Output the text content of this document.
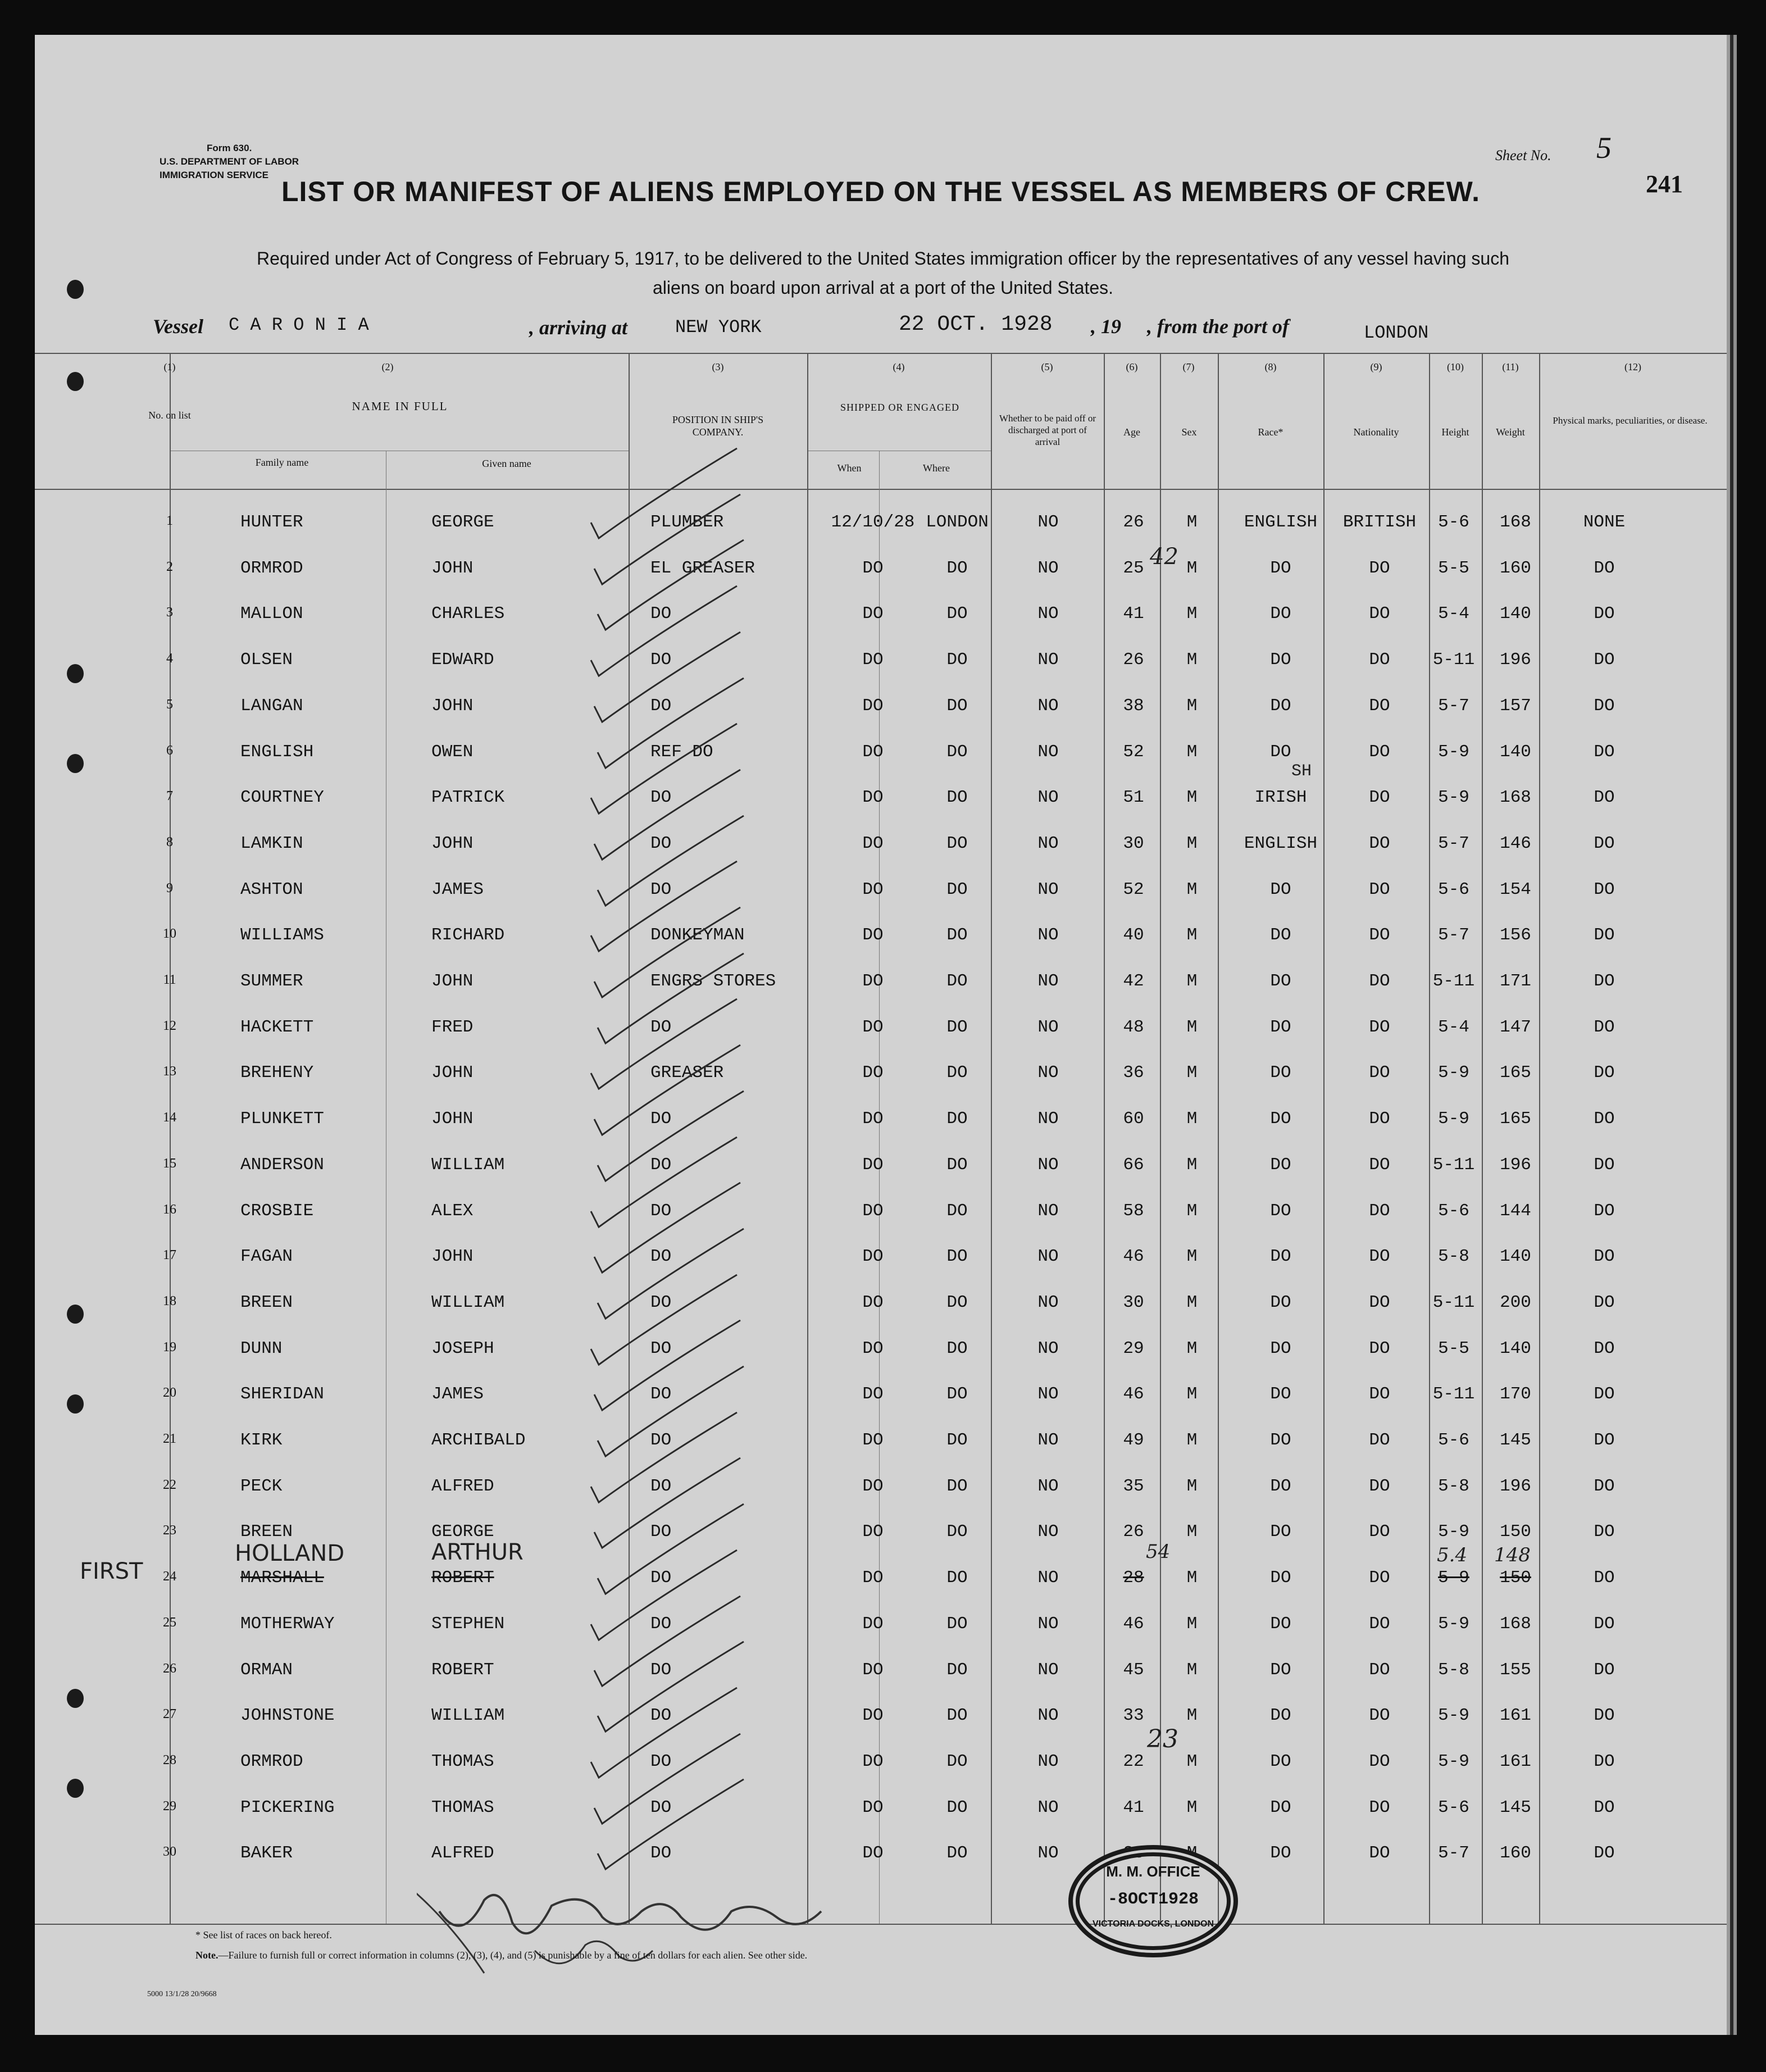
Form 630.
U.S. DEPARTMENT OF LABOR
IMMIGRATION SERVICE
Sheet No. 5
241
LIST OR MANIFEST OF ALIENS EMPLOYED ON THE VESSEL AS MEMBERS OF CREW.
Required under Act of Congress of February 5, 1917, to be delivered to the United States immigration officer by the representatives of any vessel having such
aliens on board upon arrival at a port of the United States.
Vessel C A R O N I A	, arriving at	NEW YORK	22 OCT. 1928 , 19 , from the port of	LONDON
(1)	(2)	(3)	(4)	(5)	(6)	(7)	(8)	(9)	(10)	(11)	(12)
No. on list
NAME IN FULL
Family name	Given name
POSITION IN SHIP'S COMPANY.
SHIPPED OR ENGAGED
When	Where
Whether to be paid off or discharged at port of arrival
Age	Sex	Race*	Nationality	Height	Weight
Physical marks, peculiarities, or disease.
1	HUNTER	GEORGE	PLUMBER	12/10/28 LONDON	NO	26 M	ENGLISH BRITISH 5-6 168	NONE
2	ORMROD	JOHN	EL GREASER	DO	DO	NO	25 M	DO	DO	5-5 160	DO
3	MALLON	CHARLES	DO	DO	DO	NO	41 M	DO	DO	5-4 140	DO
4	OLSEN	EDWARD	DO	DO	DO	NO	26 M	DO	DO 5-11 196	DO
5	LANGAN	JOHN	DO	DO	DO	NO	38 M	DO	DO	5-7 157	DO
6	ENGLISH	OWEN	REF DO	DO	DO	NO	52 M	DO	DO	5-9 140	DO
7	COURTNEY	PATRICK	DO	DO	DO	NO	51 M	IRISH	DO	5-9 168	DO
8	LAMKIN	JOHN	DO	DO	DO	NO	30 M	ENGLISH	DO	5-7 146	DO
9	ASHTON	JAMES	DO	DO	DO	NO	52 M	DO	DO	5-6 154	DO
10	WILLIAMS	RICHARD	DONKEYMAN	DO	DO	NO	40 M	DO	DO	5-7 156	DO
11	SUMMER	JOHN	ENGRS STORES	DO	DO	NO	42 M	DO	DO 5-11 171	DO
12	HACKETT	FRED	DO	DO	DO	NO	48 M	DO	DO	5-4 147	DO
13	BREHENY	JOHN	GREASER	DO	DO	NO	36 M	DO	DO	5-9 165	DO
14	PLUNKETT	JOHN	DO	DO	DO	NO	60 M	DO	DO	5-9 165	DO
15	ANDERSON	WILLIAM	DO	DO	DO	NO	66 M	DO	DO 5-11 196	DO
16	CROSBIE	ALEX	DO	DO	DO	NO	58 M	DO	DO	5-6 144	DO
17	FAGAN	JOHN	DO	DO	DO	NO	46 M	DO	DO	5-8 140	DO
18	BREEN	WILLIAM	DO	DO	DO	NO	30 M	DO	DO 5-11 200	DO
19	DUNN	JOSEPH	DO	DO	DO	NO	29 M	DO	DO	5-5 140	DO
20	SHERIDAN	JAMES	DO	DO	DO	NO	46 M	DO	DO 5-11 170	DO
21	KIRK	ARCHIBALD	DO	DO	DO	NO	49 M	DO	DO	5-6 145	DO
22	PECK	ALFRED	DO	DO	DO	NO	35 M	DO	DO	5-8 196	DO
23	BREEN	GEORGE	DO	DO	DO	NO	26 M	DO	DO	5-9 150	DO
24	MARSHALL	ROBERT	DO	DO	DO	NO	28 M	DO	DO	5-9 150	DO
25	MOTHERWAY	STEPHEN	DO	DO	DO	NO	46 M	DO	DO	5-9 168	DO
26	ORMAN	ROBERT	DO	DO	DO	NO	45 M	DO	DO	5-8 155	DO
27	JOHNSTONE	WILLIAM	DO	DO	DO	NO	33 M	DO	DO	5-9 161	DO
28	ORMROD	THOMAS	DO	DO	DO	NO	22 M	DO	DO	5-9 161	DO
29	PICKERING	THOMAS	DO	DO	DO	NO	41 M	DO	DO	5-6 145	DO
30	BAKER	ALFRED	DO	DO	DO	NO	23 M	DO	DO	5-7 160	DO
42
SH
FIRST
HOLLAND	ARTHUR	54	5.4 148
23
M. M. OFFICE
-8OCT1928
VICTORIA DOCKS, LONDON
* See list of races on back hereof.
Note.—Failure to furnish full or correct information in columns (2), (3), (4), and (5) is punishable by a fine of ten dollars for each alien. See other side.
5000 13/1/28 20/9668
